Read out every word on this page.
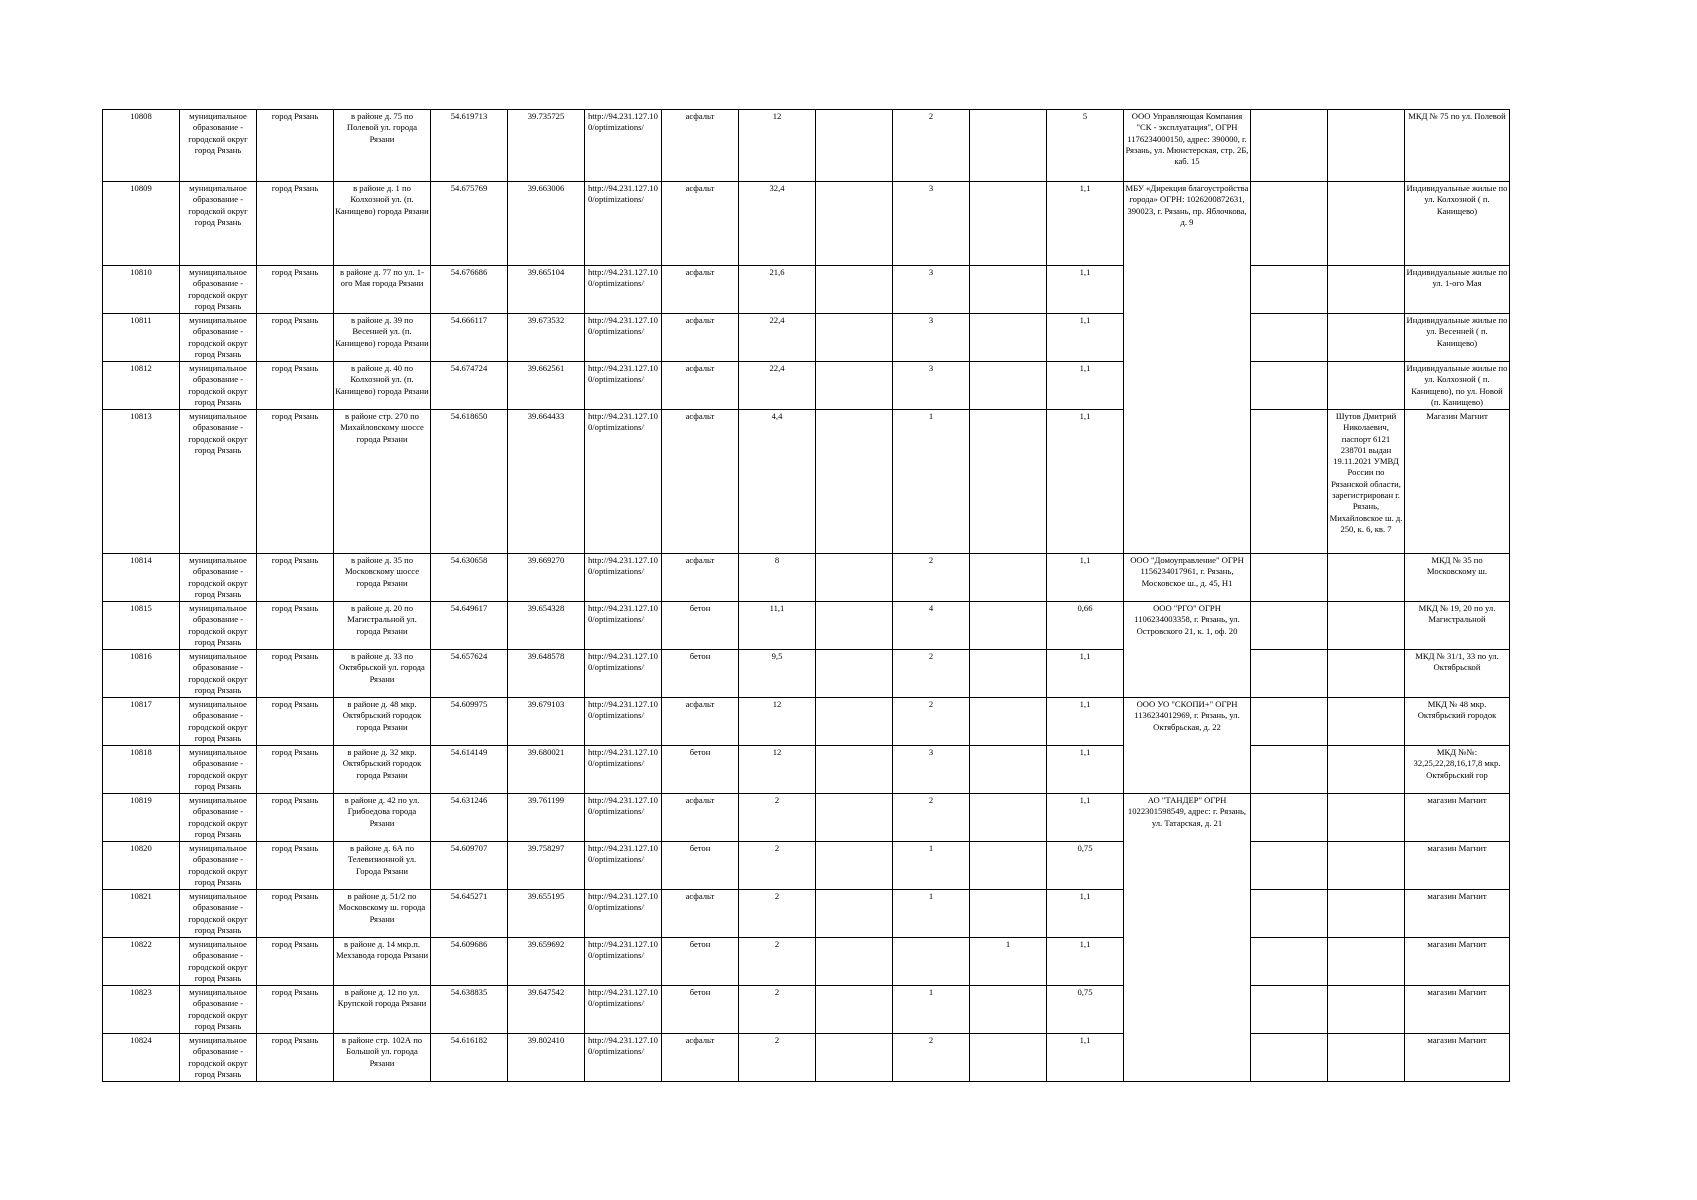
10808	муниципальное образование - городской округ город Рязань	город Рязань	в районе д. 75 по Полевой ул. города Рязани	54.619713	39.735725	http://94.231.127.10 0/optimizations/	асфальт	12		2		5	ООО Управляющая Компания "СК - эксплуатация", ОГРН 1176234000150, адрес: 390000, г. Рязань, ул. Мюнстерская, стр. 2Б, каб. 15			МКД № 75 по ул. Полевой
10809	муниципальное образование - городской округ город Рязань	город Рязань	в районе д. 1 по Колхозной ул. (п. Канищево) города Рязани	54.675769	39.663006	http://94.231.127.10 0/optimizations/	асфальт	32,4		3		1,1	МБУ «Дирекция благоустройства города» ОГРН: 1026200872631, 390023, г. Рязань, пр. Яблочкова, д. 9			Индивидуальные жилые по ул. Колхозной ( п. Канищево)
10810	муниципальное образование - городской округ город Рязань	город Рязань	в районе д. 77 по ул. 1-ого Мая города Рязани	54.676686	39.665104	http://94.231.127.10 0/optimizations/	асфальт	21,6		3		1,1				Индивидуальные жилые по ул. 1-ого Мая
10811	муниципальное образование - городской округ город Рязань	город Рязань	в районе д. 39 по Весенней ул. (п. Канищево) города Рязани	54.666117	39.673532	http://94.231.127.10 0/optimizations/	асфальт	22,4		3		1,1				Индивидуальные жилые по ул. Весенней ( п. Канищево)
10812	муниципальное образование - городской округ город Рязань	город Рязань	в районе д. 40 по Колхозной ул. (п. Канищево) города Рязани	54.674724	39.662561	http://94.231.127.10 0/optimizations/	асфальт	22,4		3		1,1				Индивидуальные жилые по ул. Колхозной ( п. Канищево), по ул. Новой (п. Канищево)
10813	муниципальное образование - городской округ город Рязань	город Рязань	в районе стр. 270 по Михайловскому шоссе города Рязани	54.618650	39.664433	http://94.231.127.10 0/optimizations/	асфальт	4,4		1		1,1			Шутов Дмитрий Николаевич, паспорт 6121 238701 выдан 19.11.2021 УМВД России по Рязанской области, зарегистрирован г. Рязань, Михайловское ш. д. 250, к. 6, кв. 7	Магазин Магнит
10814	муниципальное образование - городской округ город Рязань	город Рязань	в районе д. 35 по Московскому шоссе города Рязани	54.630658	39.669270	http://94.231.127.10 0/optimizations/	асфальт	8		2		1,1	ООО "Домоуправление" ОГРН 1156234017961, г. Рязань, Московское ш., д. 45, Н1			МКД № 35 по Московскому ш.
10815	муниципальное образование - городской округ город Рязань	город Рязань	в районе д. 20 по Магистральной ул. города Рязани	54.649617	39.654328	http://94.231.127.10 0/optimizations/	бетон	11,1		4		0,66	ООО "РГО" ОГРН 1106234003358, г. Рязань, ул. Островского 21, к. 1, оф. 20			МКД № 19, 20 по ул. Магистральной
10816	муниципальное образование - городской округ город Рязань	город Рязань	в районе д. 33 по Октябрьской ул. города Рязани	54.657624	39.648578	http://94.231.127.10 0/optimizations/	бетон	9,5		2		1,1				МКД № 31/1, 33 по ул. Октябрьской
10817	муниципальное образование - городской округ город Рязань	город Рязань	в районе д. 48 мкр. Октябрьский городок города Рязани	54.609975	39.679103	http://94.231.127.10 0/optimizations/	асфальт	12		2		1,1	ООО УО "СКОПИ+" ОГРН 1136234012969, г. Рязань, ул. Октябрьская, д. 22			МКД № 48 мкр. Октябрьский городок
10818	муниципальное образование - городской округ город Рязань	город Рязань	в районе д. 32 мкр. Октябрьский городок города Рязани	54.614149	39.680021	http://94.231.127.10 0/optimizations/	бетон	12		3		1,1				МКД №№: 32,25,22,28,16,17,8 мкр. Октябрьский гор
10819	муниципальное образование - городской округ город Рязань	город Рязань	в районе д. 42 по ул. Грибоедова города Рязани	54.631246	39.761199	http://94.231.127.10 0/optimizations/	асфальт	2		2		1,1	АО "ТАНДЕР" ОГРН 1022301598549, адрес: г. Рязань, ул. Татарская, д. 21			магазин Магнит
10820	муниципальное образование - городской округ город Рязань	город Рязань	в районе д. 6А по Телевизионной ул. Города Рязани	54.609707	39.758297	http://94.231.127.10 0/optimizations/	бетон	2		1		0,75				магазин Магнит
10821	муниципальное образование - городской округ город Рязань	город Рязань	в районе д. 51/2 по Московскому ш. города Рязани	54.645271	39.655195	http://94.231.127.10 0/optimizations/	асфальт	2		1		1,1				магазин Магнит
10822	муниципальное образование - городской округ город Рязань	город Рязань	в районе д. 14 мкр.п. Мехзавода города Рязани	54.609686	39.659692	http://94.231.127.10 0/optimizations/	бетон	2			1	1,1				магазин Магнит
10823	муниципальное образование - городской округ город Рязань	город Рязань	в районе д. 12 по ул. Крупской города Рязани	54.638835	39.647542	http://94.231.127.10 0/optimizations/	бетон	2		1		0,75				магазин Магнит
10824	муниципальное образование - городской округ город Рязань	город Рязань	в районе стр. 102А по Большой ул. города Рязани	54.616182	39.802410	http://94.231.127.10 0/optimizations/	асфальт	2		2		1,1				магазин Магнит
